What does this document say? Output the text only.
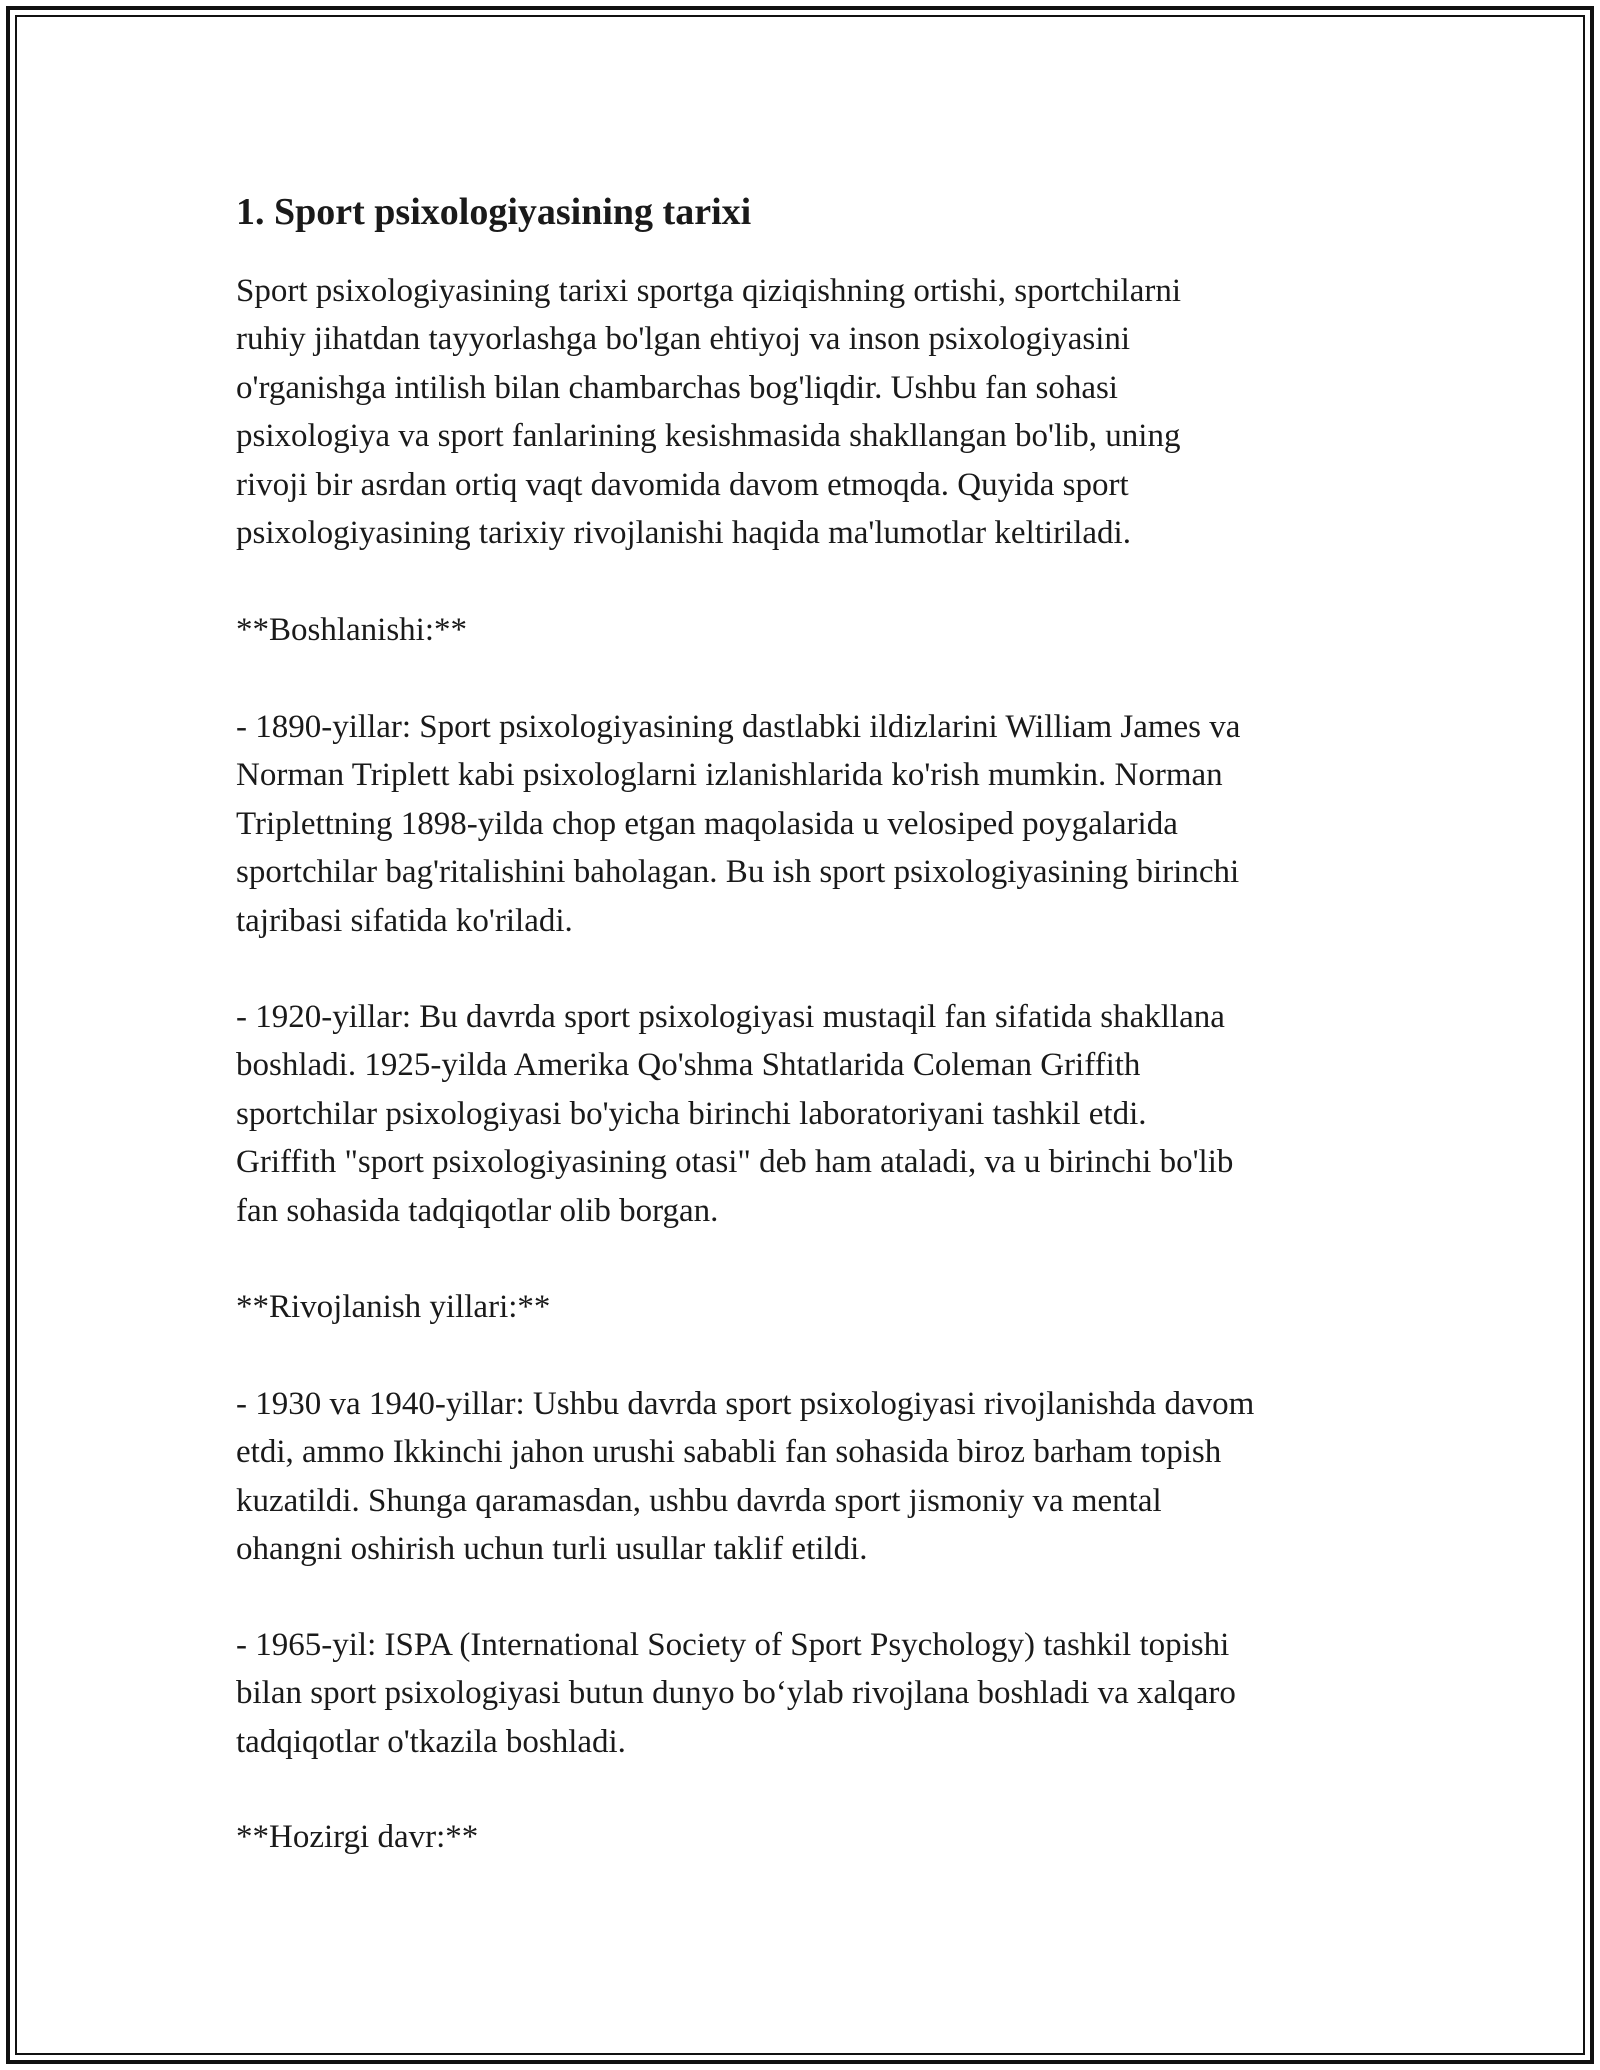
1. Sport psixologiyasining tarixi

Sport psixologiyasining tarixi sportga qiziqishning ortishi, sportchilarni
ruhiy jihatdan tayyorlashga bo'lgan ehtiyoj va inson psixologiyasini
o'rganishga intilish bilan chambarchas bog'liqdir. Ushbu fan sohasi
psixologiya va sport fanlarining kesishmasida shakllangan bo'lib, uning
rivoji bir asrdan ortiq vaqt davomida davom etmoqda. Quyida sport
psixologiyasining tarixiy rivojlanishi haqida ma'lumotlar keltiriladi.

**Boshlanishi:**

- 1890-yillar: Sport psixologiyasining dastlabki ildizlarini William James va
Norman Triplett kabi psixologlarni izlanishlarida ko'rish mumkin. Norman
Triplettning 1898-yilda chop etgan maqolasida u velosiped poygalarida
sportchilar bag'ritalishini baholagan. Bu ish sport psixologiyasining birinchi
tajribasi sifatida ko'riladi.

- 1920-yillar: Bu davrda sport psixologiyasi mustaqil fan sifatida shakllana
boshladi. 1925-yilda Amerika Qo'shma Shtatlarida Coleman Griffith
sportchilar psixologiyasi bo'yicha birinchi laboratoriyani tashkil etdi.
Griffith "sport psixologiyasining otasi" deb ham ataladi, va u birinchi bo'lib
fan sohasida tadqiqotlar olib borgan.

**Rivojlanish yillari:**

- 1930 va 1940-yillar: Ushbu davrda sport psixologiyasi rivojlanishda davom
etdi, ammo Ikkinchi jahon urushi sababli fan sohasida biroz barham topish
kuzatildi. Shunga qaramasdan, ushbu davrda sport jismoniy va mental
ohangni oshirish uchun turli usullar taklif etildi.

- 1965-yil: ISPA (International Society of Sport Psychology) tashkil topishi
bilan sport psixologiyasi butun dunyo bo‘ylab rivojlana boshladi va xalqaro
tadqiqotlar o'tkazila boshladi.

**Hozirgi davr:**
